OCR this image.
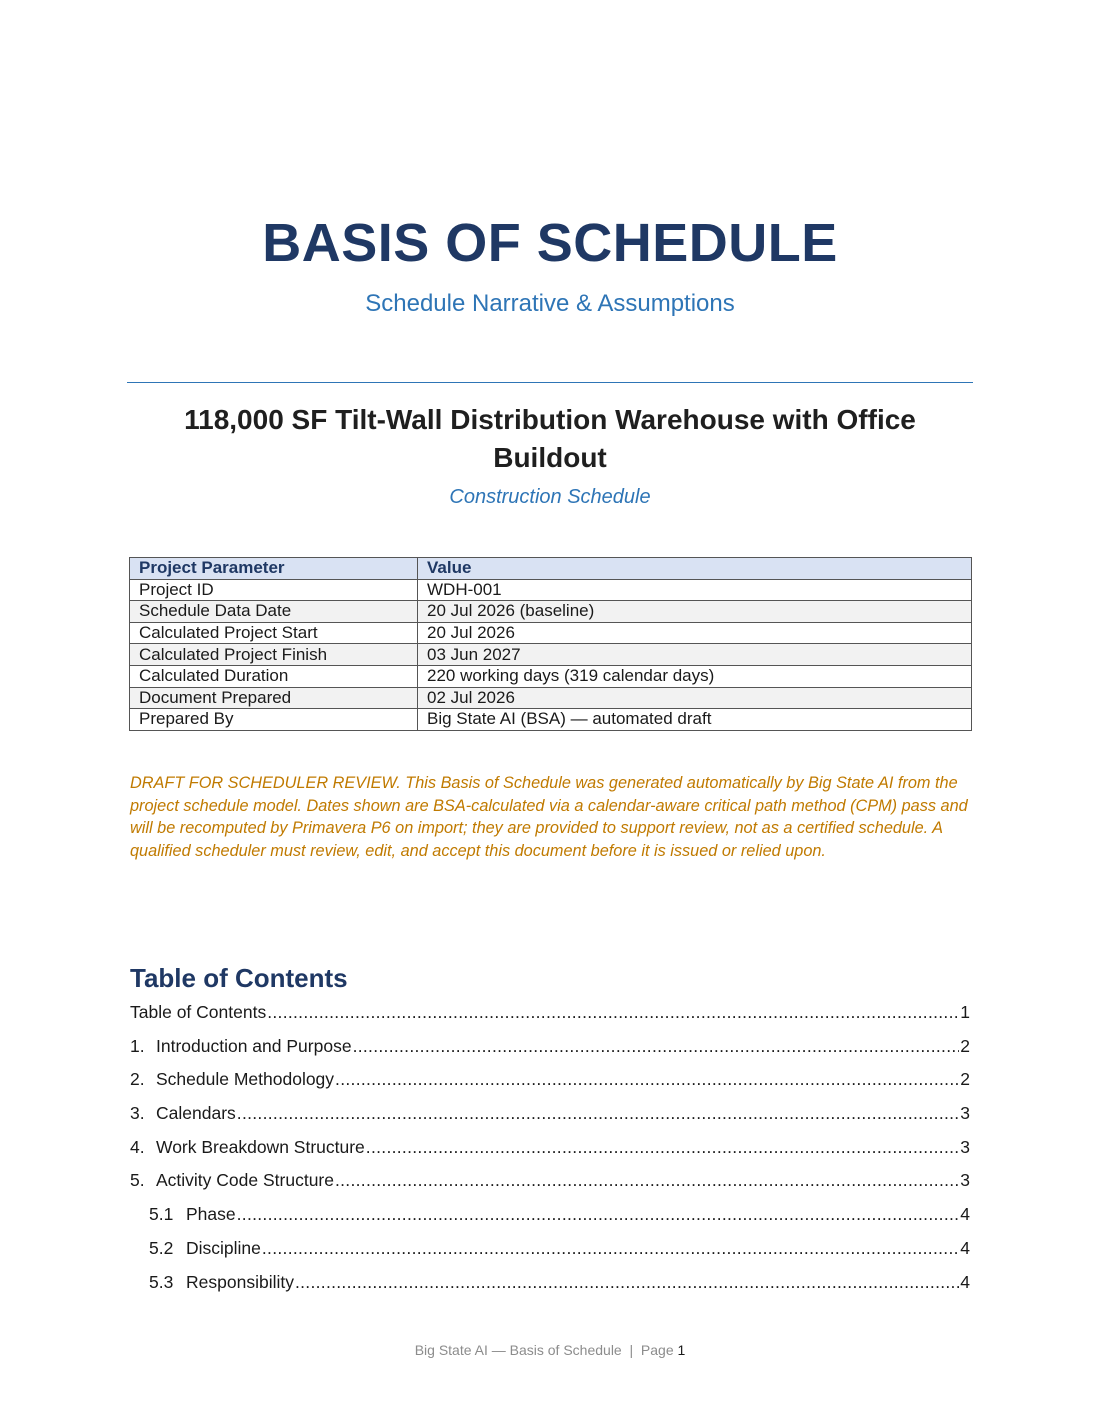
BASIS OF SCHEDULE
Schedule Narrative & Assumptions
118,000 SF Tilt-Wall Distribution Warehouse with Office Buildout
Construction Schedule
Project Parameter	Value
Project ID	WDH-001
Schedule Data Date	20 Jul 2026 (baseline)
Calculated Project Start	20 Jul 2026
Calculated Project Finish	03 Jun 2027
Calculated Duration	220 working days (319 calendar days)
Document Prepared	02 Jul 2026
Prepared By	Big State AI (BSA) — automated draft
DRAFT FOR SCHEDULER REVIEW. This Basis of Schedule was generated automatically by Big State AI from the project schedule model. Dates shown are BSA-calculated via a calendar-aware critical path method (CPM) pass and will be recomputed by Primavera P6 on import; they are provided to support review, not as a certified schedule. A qualified scheduler must review, edit, and accept this document before it is issued or relied upon.
Table of Contents
Table of Contents .....	1
1. Introduction and Purpose .....	2
2. Schedule Methodology .....	2
3. Calendars .....	3
4. Work Breakdown Structure .....	3
5. Activity Code Structure .....	3
5.1 Phase .....	4
5.2 Discipline .....	4
5.3 Responsibility .....	4
Big State AI — Basis of Schedule  |  Page 1
